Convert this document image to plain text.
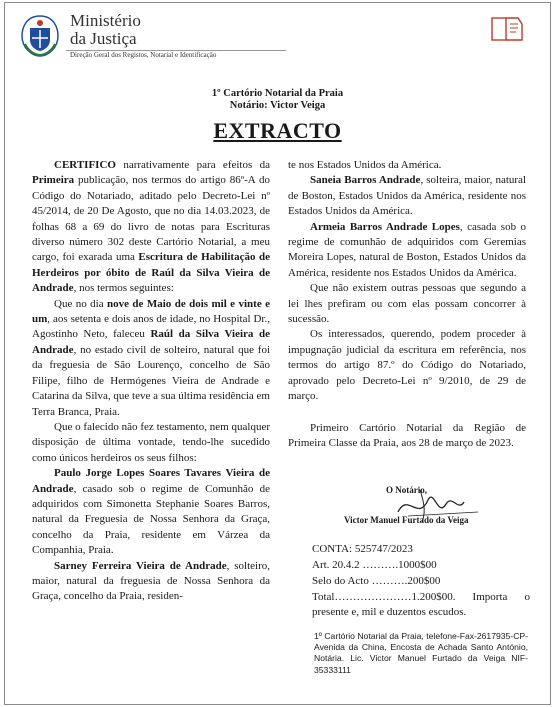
Ministério
da Justiça
Direção Geral dos Registos, Notarial e Identificação
1º Cartório Notarial da Praia
Notário: Victor Veiga
EXTRACTO

CERTIFICO narrativamente para efeitos da Primeira publicação, nos termos do artigo 86º-A do Código do Notariado, aditado pelo Decreto-Lei nº 45/2014, de 20 De Agosto, que no dia 14.03.2023, de folhas 68 a 69 do livro de notas para Escrituras diverso número 302 deste Cartório Notarial, a meu cargo, foi exarada uma Escritura de Habilitação de Herdeiros por óbito de Raúl da Silva Vieira de Andrade, nos termos seguintes:

Que no dia nove de Maio de dois mil e vinte e um, aos setenta e dois anos de idade, no Hospital Dr., Agostinho Neto, faleceu Raúl da Silva Vieira de Andrade, no estado civil de solteiro, natural que foi da freguesia de São Lourenço, concelho de São Filipe, filho de Hermógenes Vieira de Andrade e Catarina da Silva, que teve a sua última residência em Terra Branca, Praia.

Que o falecido não fez testamento, nem qualquer disposição de última vontade, tendo-lhe sucedido como únicos herdeiros os seus filhos:

Paulo Jorge Lopes Soares Tavares Vieira de Andrade, casado sob o regime de Comunhão de adquiridos com Simonetta Stephanie Soares Barros, natural da Freguesia de Nossa Senhora da Graça, concelho da Praia, residente em Várzea da Companhia, Praia.

Sarney Ferreira Vieira de Andrade, solteiro, maior, natural da freguesia de Nossa Senhora da Graça, concelho da Praia, residen-

te nos Estados Unidos da América.

Saneia Barros Andrade, solteira, maior, natural de Boston, Estados Unidos da América, residente nos Estados Unidos da América.

Armeia Barros Andrade Lopes, casada sob o regime de comunhão de adquiridos com Geremias Moreira Lopes, natural de Boston, Estados Unidos da América, residente nos Estados Unidos da América.

Que não existem outras pessoas que segundo a lei lhes prefiram ou com elas possam concorrer à sucessão.

Os interessados, querendo, podem proceder à impugnação judicial da escritura em referência, nos termos do artigo 87.º do Código do Notariado, aprovado pelo Decreto-Lei nº 9/2010, de 29 de março.

Primeiro Cartório Notarial da Região de Primeira Classe da Praia, aos 28 de março de 2023.

O Notário,
Victor Manuel Furtado da Veiga
CONTA: 525747/2023
Art. 20.4.2 ……….1000$00
Selo do Acto ……….200$00
Total…………………1.200$00. Importa o presente e, mil e duzentos escudos.
1º Cartório Notarial da Praia, telefone-Fax-2617935-CP-Avenida da China, Encosta de Achada Santo António, Notária. Lic. Victor Manuel Furtado da Veiga NIF-35333111
